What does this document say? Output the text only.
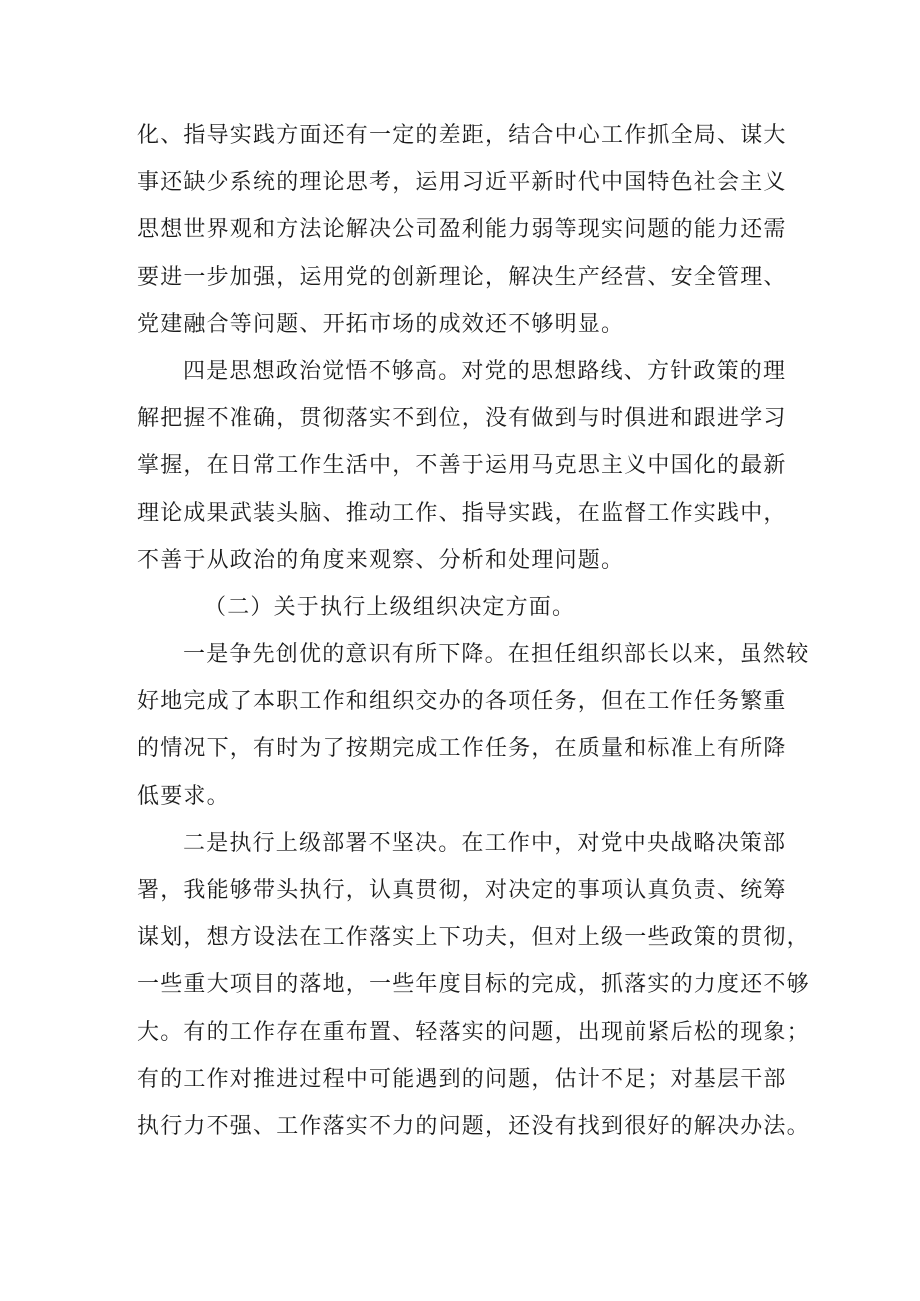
化、指导实践方面还有一定的差距，结合中心工作抓全局、谋大
事还缺少系统的理论思考，运用习近平新时代中国特色社会主义
思想世界观和方法论解决公司盈利能力弱等现实问题的能力还需
要进一步加强，运用党的创新理论，解决生产经营、安全管理、
党建融合等问题、开拓市场的成效还不够明显。

四是思想政治觉悟不够高。对党的思想路线、方针政策的理
解把握不准确，贯彻落实不到位，没有做到与时俱进和跟进学习
掌握，在日常工作生活中，不善于运用马克思主义中国化的最新
理论成果武装头脑、推动工作、指导实践，在监督工作实践中，
不善于从政治的角度来观察、分析和处理问题。

（二）关于执行上级组织决定方面。

一是争先创优的意识有所下降。在担任组织部长以来，虽然较
好地完成了本职工作和组织交办的各项任务，但在工作任务繁重
的情况下，有时为了按期完成工作任务，在质量和标准上有所降
低要求。

二是执行上级部署不坚决。在工作中，对党中央战略决策部
署，我能够带头执行，认真贯彻，对决定的事项认真负责、统筹
谋划，想方设法在工作落实上下功夫，但对上级一些政策的贯彻，
一些重大项目的落地，一些年度目标的完成，抓落实的力度还不够
大。有的工作存在重布置、轻落实的问题，出现前紧后松的现象；
有的工作对推进过程中可能遇到的问题，估计不足；对基层干部
执行力不强、工作落实不力的问题，还没有找到很好的解决办法。
